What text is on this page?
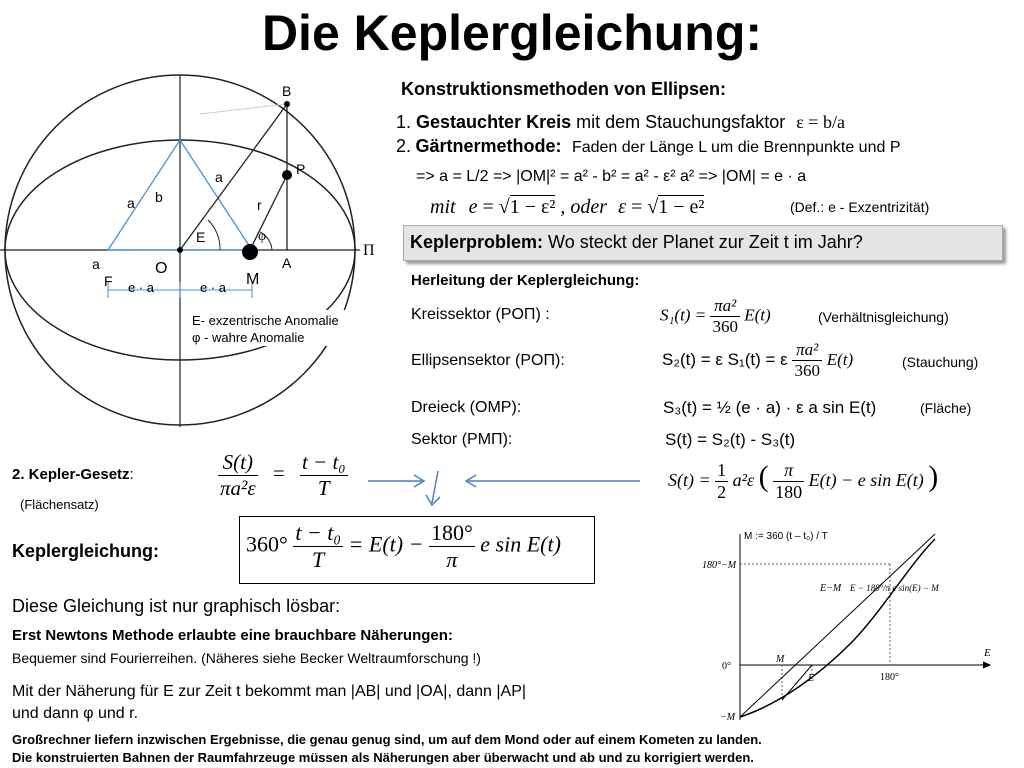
Die Keplergleichung:
B
P
a
b
a	r
E	φ
Π
a
F
O	A
M
e · a	e · a
E- exzentrische Anomalie
φ - wahre Anomalie
Konstruktionsmethoden von Ellipsen:
1. Gestauchter Kreis mit dem Stauchungsfaktor ε = b/a
2. Gärtnermethode: Faden der Länge L um die Brennpunkte und P
=> a = L/2 => |OM|² = a² - b² = a² - ε² a² => |OM| = e · a
mit e = √1 − ε² , oder ε = √1 − e²	(Def.: e - Exzentrizität)
Keplerproblem: Wo steckt der Planet zur Zeit t im Jahr?
Herleitung der Keplergleichung:
Kreissektor (POΠ) :	$S_1(t) = \frac{\text{πa²}}{360} E(t)$	(Verhältnisgleichung)
Ellipsensektor (POΠ):	S₂(t) = ε S₁(t) = ε $\frac{\text{πa²}}{360} E(t)$	(Stauchung)
Dreieck (OMP):	S₃(t) = ½ (e · a) · ε a sin E(t)	(Fläche)
Sektor (PMΠ):	S(t) = S₂(t) - S₃(t)
$S(t) = \frac{1}{2} a^2\varepsilon$ ( $\frac{\pi}{180} E(t) - e$ sin E(t) )
2. Kepler-Gesetz:
(Flächensatz)
$\frac{S(t)}{\text{πa²ε}} = \frac{\text{t − t₀}}{T}$
Keplergleichung:	$360^\circ \frac{\text{t − t₀}}{T} = E(t) - \frac{180^\circ}{\pi}$ e sin E(t)
Diese Gleichung ist nur graphisch lösbar:
Erst Newtons Methode erlaubte eine brauchbare Näherungen:
Bequemer sind Fourierreihen. (Näheres siehe Becker Weltraumforschung !)
Mit der Näherung für E zur Zeit t bekommt man |AB| und |OA|, dann |AP|
und dann φ und r.
Großrechner liefern inzwischen Ergebnisse, die genau genug sind, um auf dem Mond oder auf einem Kometen zu landen.
Die konstruierten Bahnen der Raumfahrzeuge müssen als Näherungen aber überwacht und ab und zu korrigiert werden.
M := 360 (t – t₀) / T
180°−M
0°
−M
E
180°
M
E
E−M E − 180°/π e sin(E) − M
